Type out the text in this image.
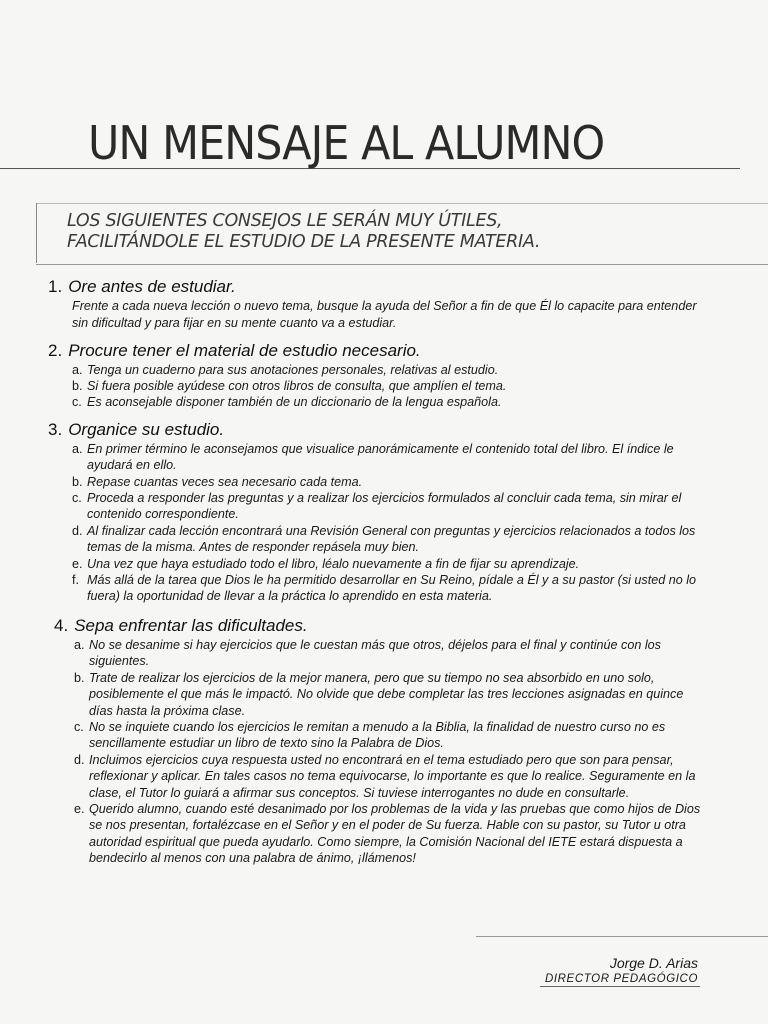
UN MENSAJE AL ALUMNO
LOS SIGUIENTES CONSEJOS LE SERÁN MUY ÚTILES,
FACILITÁNDOLE EL ESTUDIO DE LA PRESENTE MATERIA.
1. Ore antes de estudiar.

Frente a cada nueva lección o nuevo tema, busque la ayuda del Señor a fin de que Él lo capacite para entender sin dificultad y para fijar en su mente cuanto va a estudiar.

2. Procure tener el material de estudio necesario.
a. Tenga un cuaderno para sus anotaciones personales, relativas al estudio.
b. Si fuera posible ayúdese con otros libros de consulta, que amplíen el tema.
c. Es aconsejable disponer también de un diccionario de la lengua española.
3. Organice su estudio.
a. En primer término le aconsejamos que visualice panorámicamente el contenido total del libro. El índice le ayudará en ello.
b. Repase cuantas veces sea necesario cada tema.
c. Proceda a responder las preguntas y a realizar los ejercicios formulados al concluir cada tema, sin mirar el contenido correspondiente.
d. Al finalizar cada lección encontrará una Revisión General con preguntas y ejercicios relacionados a todos los temas de la misma. Antes de responder repásela muy bien.
e. Una vez que haya estudiado todo el libro, léalo nuevamente a fin de fijar su aprendizaje.
f. Más allá de la tarea que Dios le ha permitido desarrollar en Su Reino, pídale a Él y a su pastor (si usted no lo fuera) la oportunidad de llevar a la práctica lo aprendido en esta materia.
4. Sepa enfrentar las dificultades.
a. No se desanime si hay ejercicios que le cuestan más que otros, déjelos para el final y continúe con los siguientes.
b. Trate de realizar los ejercicios de la mejor manera, pero que su tiempo no sea absorbido en uno solo, posiblemente el que más le impactó. No olvide que debe completar las tres lecciones asignadas en quince días hasta la próxima clase.
c. No se inquiete cuando los ejercicios le remitan a menudo a la Biblia, la finalidad de nuestro curso no es sencillamente estudiar un libro de texto sino la Palabra de Dios.
d. Incluimos ejercicios cuya respuesta usted no encontrará en el tema estudiado pero que son para pensar, reflexionar y aplicar. En tales casos no tema equivocarse, lo importante es que lo realice. Seguramente en la clase, el Tutor lo guiará a afirmar sus conceptos. Si tuviese interrogantes no dude en consultarle.
e. Querido alumno, cuando esté desanimado por los problemas de la vida y las pruebas que como hijos de Dios se nos presentan, fortalézcase en el Señor y en el poder de Su fuerza. Hable con su pastor, su Tutor u otra autoridad espiritual que pueda ayudarlo. Como siempre, la Comisión Nacional del IETE estará dispuesta a bendecirlo al menos con una palabra de ánimo, ¡llámenos!
Jorge D. Arias
DIRECTOR PEDAGÓGICO
